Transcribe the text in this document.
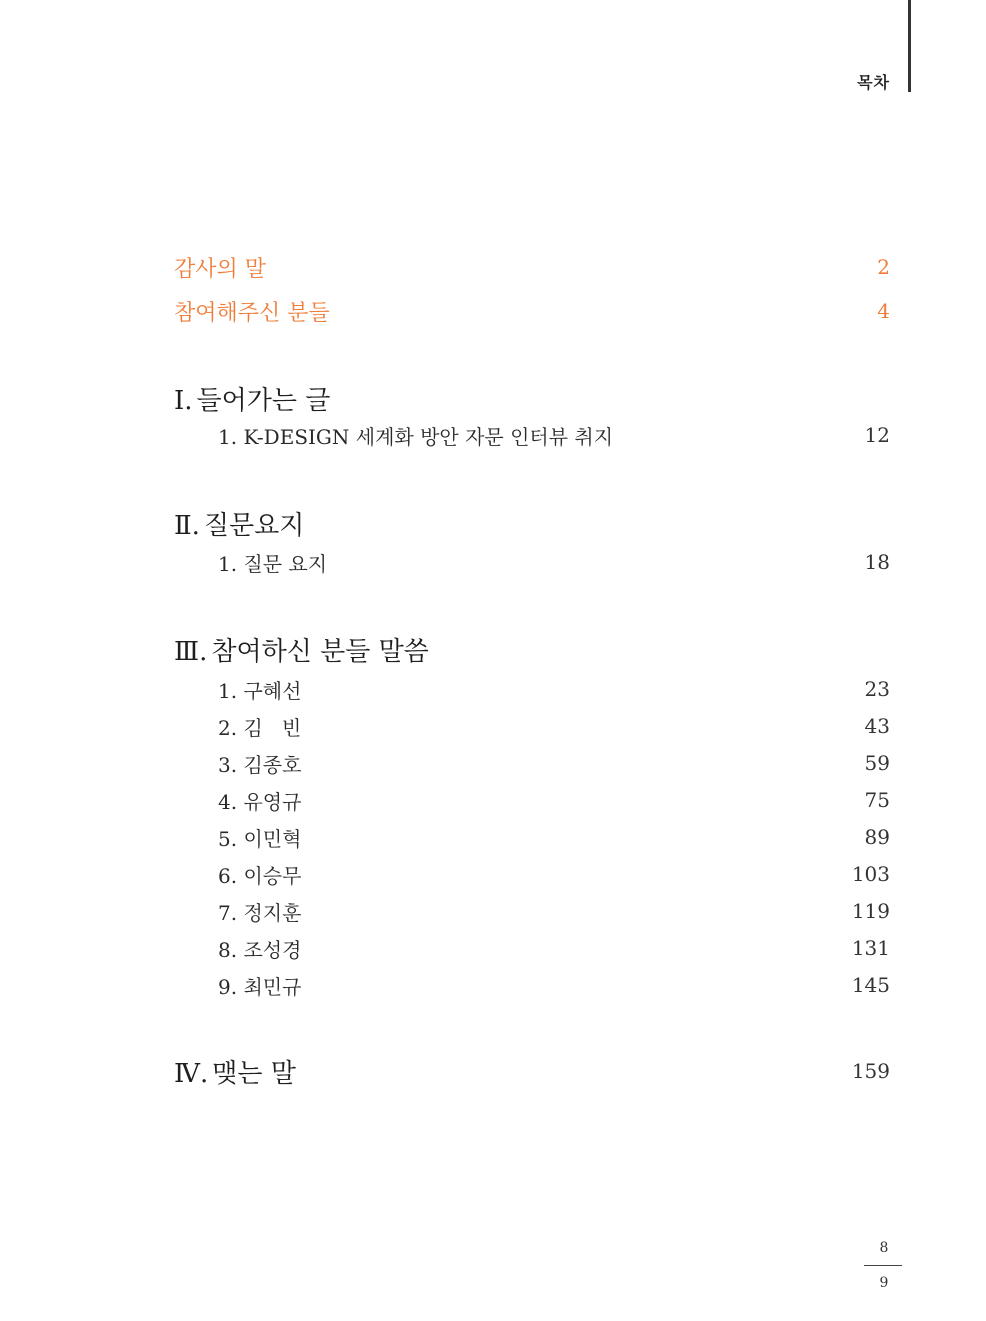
목차
감사의 말	2
참여해주신 분들	4
Ⅰ. 들어가는 글
1. K-DESIGN 세계화 방안 자문 인터뷰 취지	12
Ⅱ. 질문요지
1. 질문 요지	18
Ⅲ. 참여하신 분들 말씀
1. 구혜선	23
2. 김   빈	43
3. 김종호	59
4. 유영규	75
5. 이민혁	89
6. 이승무	103
7. 정지훈	119
8. 조성경	131
9. 최민규	145
Ⅳ. 맺는 말	159
8
9
